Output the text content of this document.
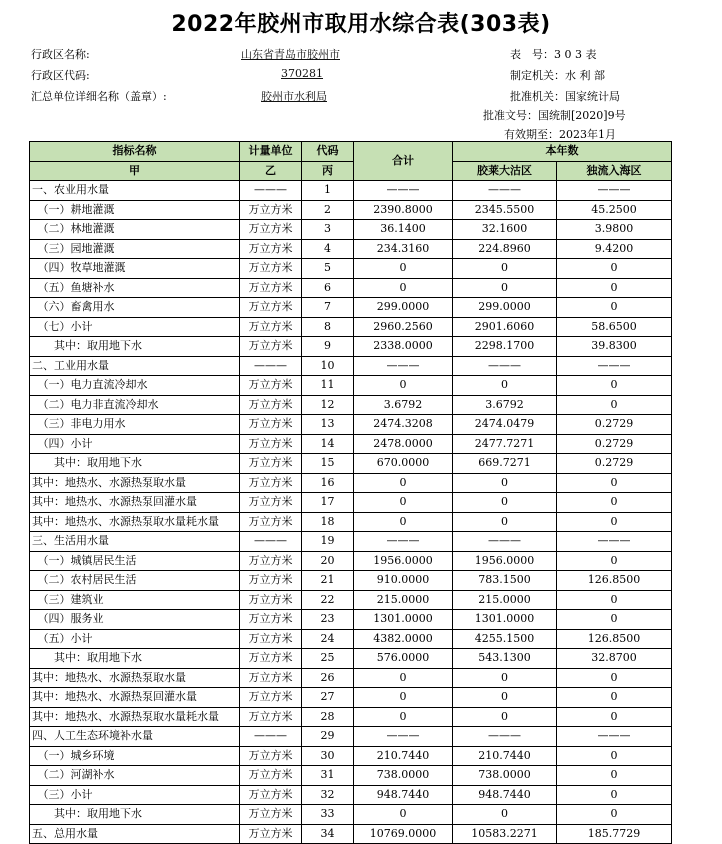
2022年胶州市取用水综合表(303表)
行政区名称:	山东省青岛市胶州市	表　号：3 0 3 表
行政区代码:	370281	制定机关：水 利 部
汇总单位详细名称（盖章）:	胶州市水利局	批准机关：国家统计局
批准文号：国统制[2020]9号
有效期至：2023年1月
指标名称	计量单位	代码	合计	本年数	
甲	乙	丙		胶莱大沽区	独流入海区
一、农业用水量	———	1	———	———	———
　（一）耕地灌溉	万立方米	2	2390.8000	2345.5500	45.2500
　（二）林地灌溉	万立方米	3	36.1400	32.1600	3.9800
　（三）园地灌溉	万立方米	4	234.3160	224.8960	9.4200
　（四）牧草地灌溉	万立方米	5	0	0	0
　（五）鱼塘补水	万立方米	6	0	0	0
　（六）畜禽用水	万立方米	7	299.0000	299.0000	0
　（七）小计	万立方米	8	2960.2560	2901.6060	58.6500
　　其中：取用地下水	万立方米	9	2338.0000	2298.1700	39.8300
二、工业用水量	———	10	———	———	———
　（一）电力直流冷却水	万立方米	11	0	0	0
　（二）电力非直流冷却水	万立方米	12	3.6792	3.6792	0
　（三）非电力用水	万立方米	13	2474.3208	2474.0479	0.2729
　（四）小计	万立方米	14	2478.0000	2477.7271	0.2729
　　其中：取用地下水	万立方米	15	670.0000	669.7271	0.2729
其中：地热水、水源热泵取水量	万立方米	16	0	0	0
其中：地热水、水源热泵回灌水量	万立方米	17	0	0	0
其中：地热水、水源热泵取水量耗水量	万立方米	18	0	0	0
三、生活用水量	———	19	———	———	———
　（一）城镇居民生活	万立方米	20	1956.0000	1956.0000	0
　（二）农村居民生活	万立方米	21	910.0000	783.1500	126.8500
　（三）建筑业	万立方米	22	215.0000	215.0000	0
　（四）服务业	万立方米	23	1301.0000	1301.0000	0
　（五）小计	万立方米	24	4382.0000	4255.1500	126.8500
　　其中：取用地下水	万立方米	25	576.0000	543.1300	32.8700
其中：地热水、水源热泵取水量	万立方米	26	0	0	0
其中：地热水、水源热泵回灌水量	万立方米	27	0	0	0
其中：地热水、水源热泵取水量耗水量	万立方米	28	0	0	0
四、人工生态环境补水量	———	29	———	———	———
　（一）城乡环境	万立方米	30	210.7440	210.7440	0
　（二）河湖补水	万立方米	31	738.0000	738.0000	0
　（三）小计	万立方米	32	948.7440	948.7440	0
　　其中：取用地下水	万立方米	33	0	0	0
五、总用水量	万立方米	34	10769.0000	10583.2271	185.7729
